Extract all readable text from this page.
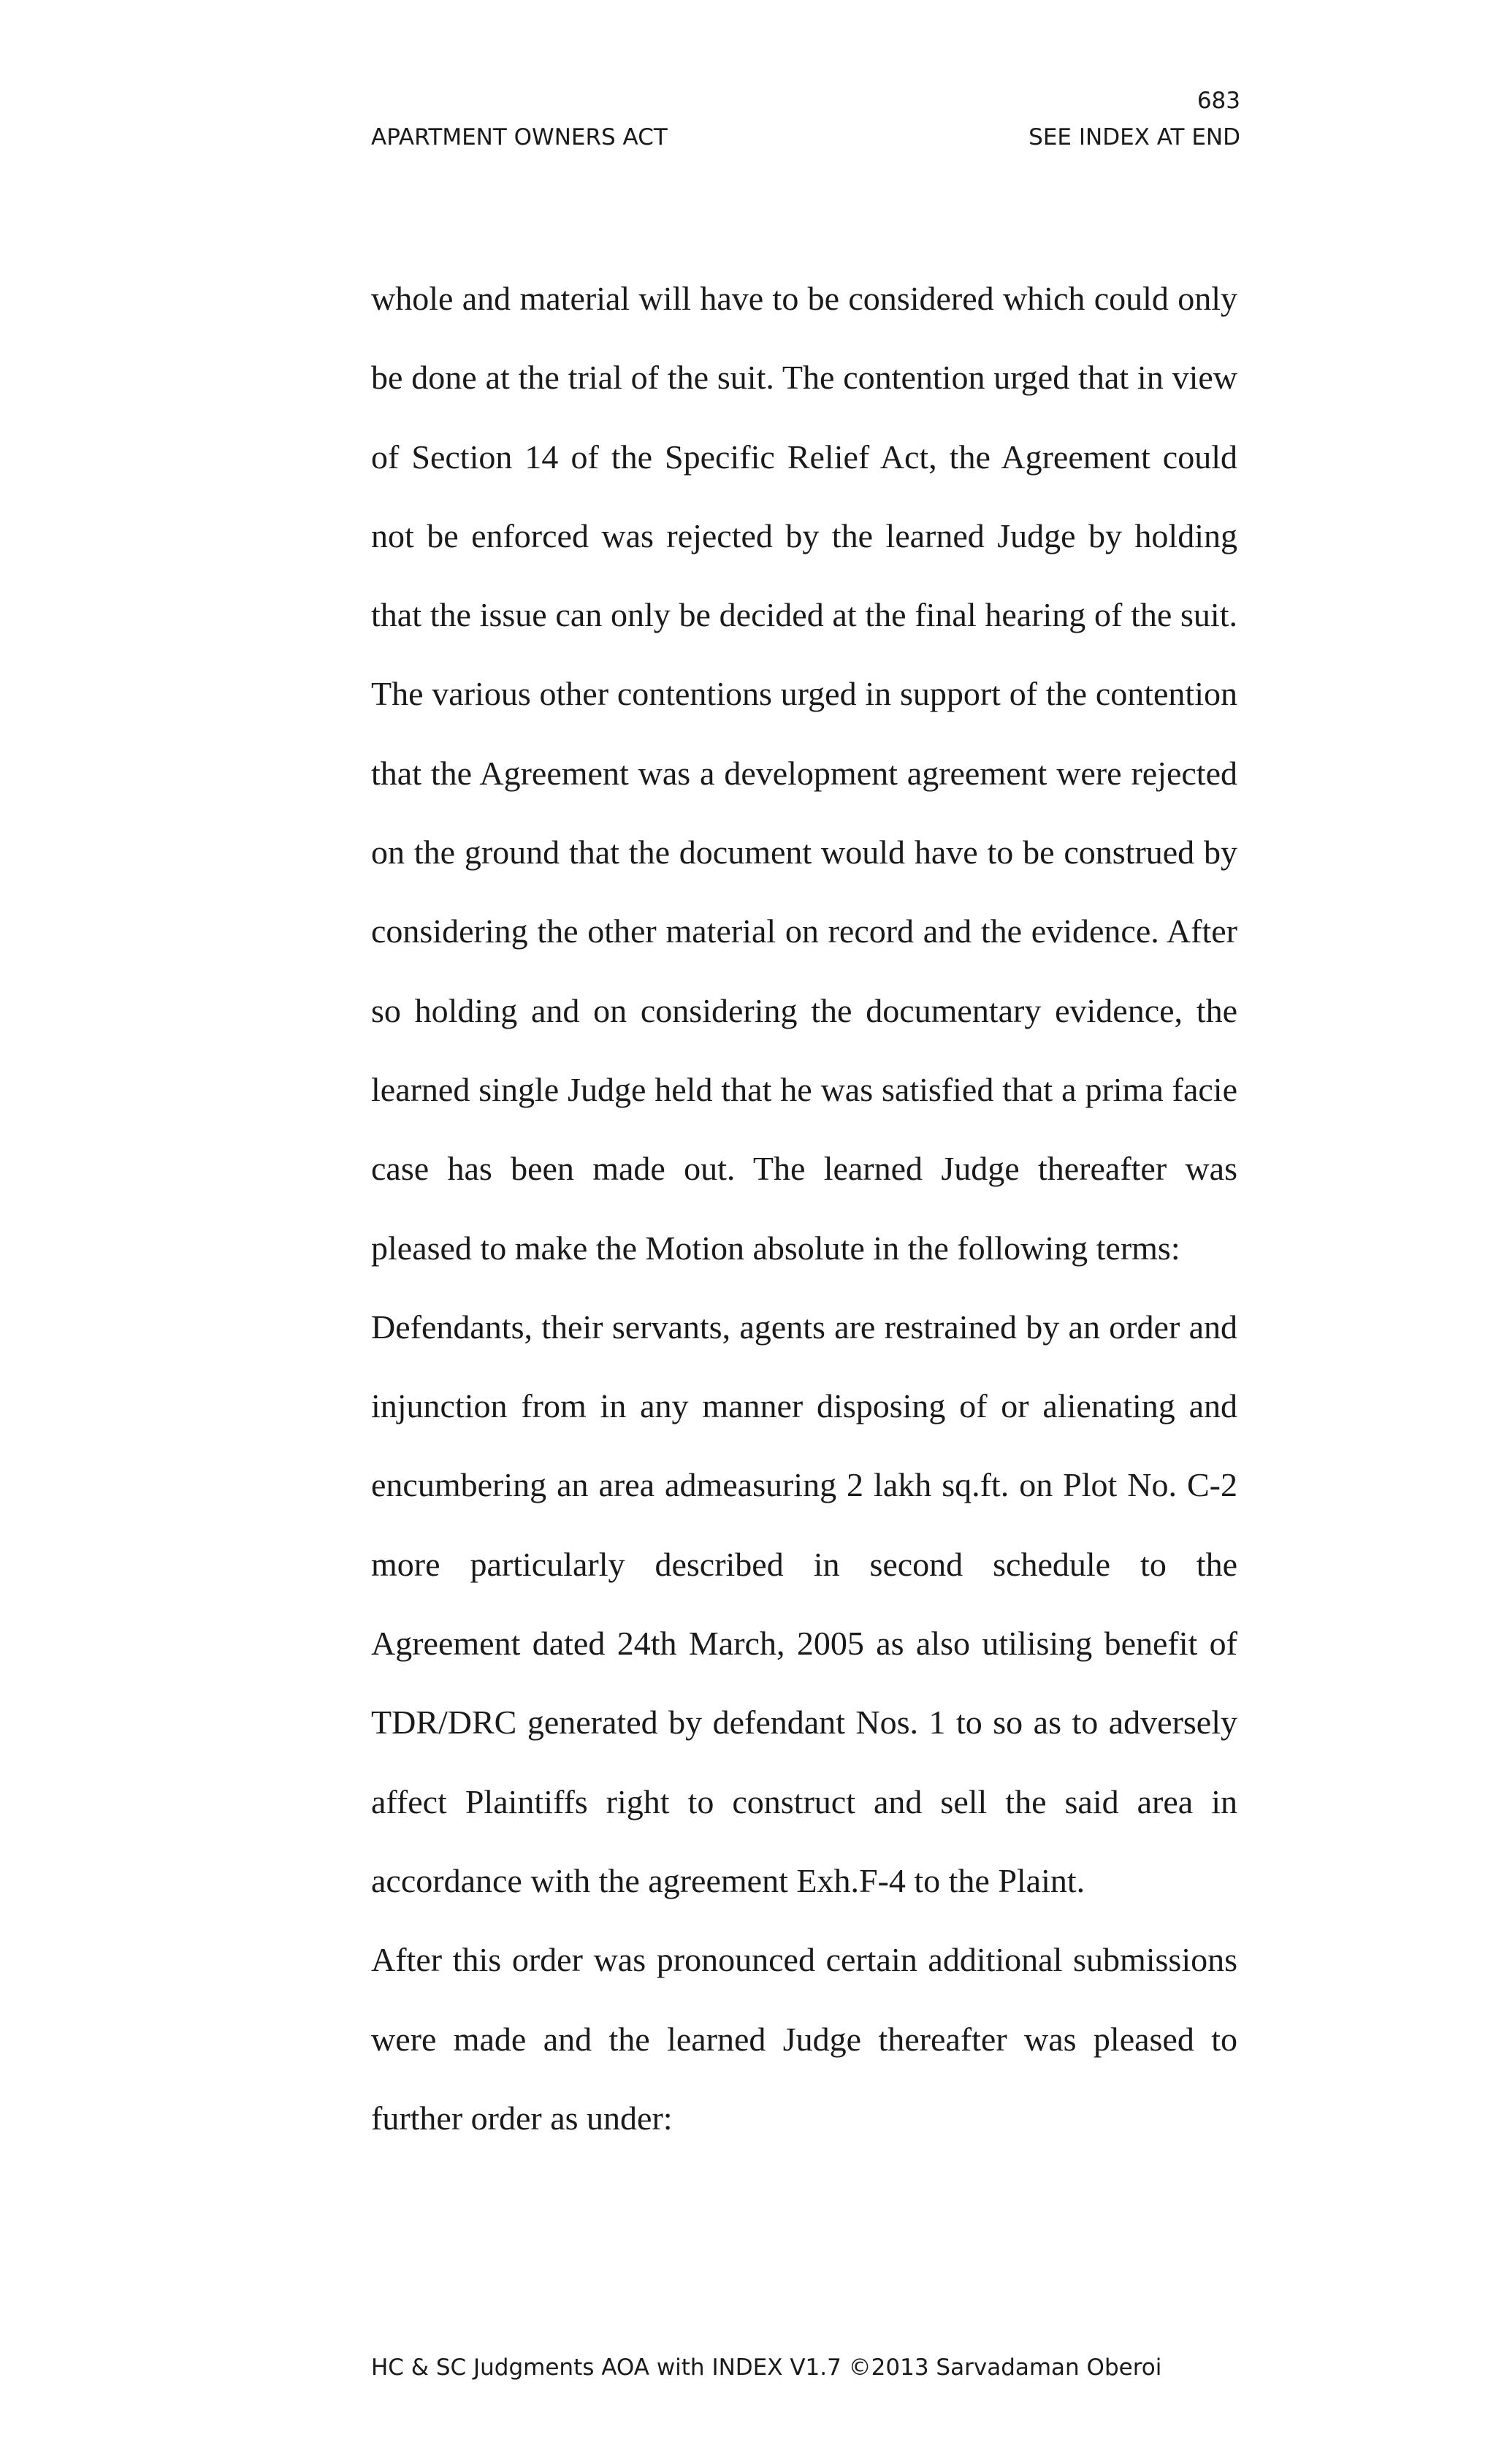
683

APARTMENT OWNERS ACT	SEE INDEX AT END

whole and material will have to be considered which could only be done at the trial of the suit. The contention urged that in view of Section 14 of the Specific Relief Act, the Agreement could not be enforced was rejected by the learned Judge by holding that the issue can only be decided at the final hearing of the suit. The various other contentions urged in support of the contention that the Agreement was a development agreement were rejected on the ground that the document would have to be construed by considering the other material on record and the evidence. After so holding and on considering the documentary evidence, the learned single Judge held that he was satisfied that a prima facie case has been made out. The learned Judge thereafter was pleased to make the Motion absolute in the following terms:

Defendants, their servants, agents are restrained by an order and injunction from in any manner disposing of or alienating and encumbering an area admeasuring 2 lakh sq.ft. on Plot No. C-2 more particularly described in second schedule to the Agreement dated 24th March, 2005 as also utilising benefit of TDR/DRC generated by defendant Nos. 1 to so as to adversely affect Plaintiffs right to construct and sell the said area in accordance with the agreement Exh.F-4 to the Plaint.

After this order was pronounced certain additional submissions were made and the learned Judge thereafter was pleased to further order as under:

HC & SC Judgments AOA with INDEX V1.7 ©2013 Sarvadaman Oberoi
